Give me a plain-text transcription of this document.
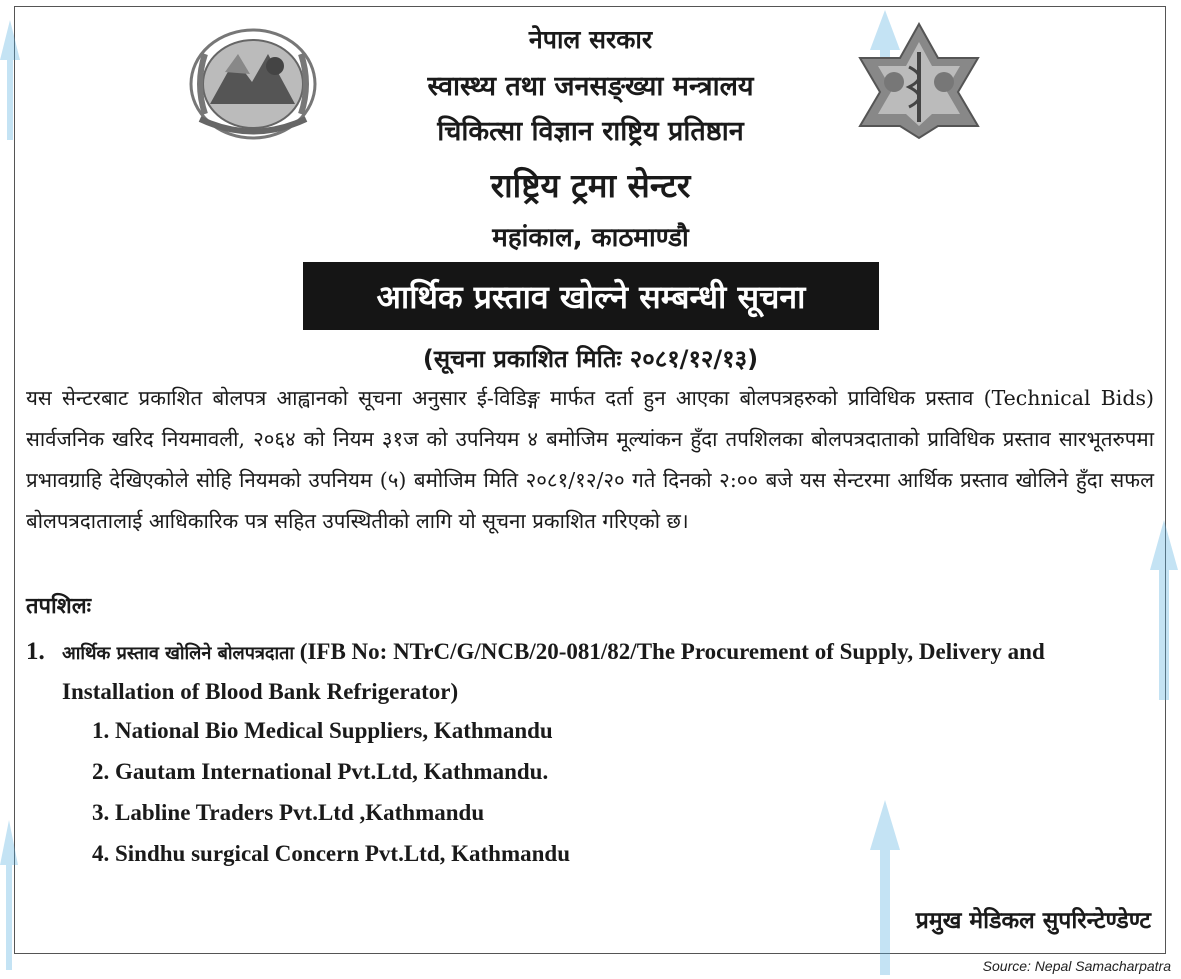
नेपाल सरकार
स्वास्थ्य तथा जनसङ्ख्या मन्त्रालय
चिकित्सा विज्ञान राष्ट्रिय प्रतिष्ठान
राष्ट्रिय ट्रमा सेन्टर
महांकाल, काठमाण्डौ
आर्थिक प्रस्ताव खोल्ने सम्बन्धी सूचना
(सूचना प्रकाशित मितिः २०८१/१२/१३)
यस सेन्टरबाट प्रकाशित बोलपत्र आह्वानको सूचना अनुसार ई-विडिङ्ग मार्फत दर्ता हुन आएका बोलपत्रहरुको प्राविधिक प्रस्ताव (Technical Bids) सार्वजनिक खरिद नियमावली, २०६४ को नियम ३१ज को उपनियम ४ बमोजिम मूल्यांकन हुँदा तपशिलका बोलपत्रदाताको प्राविधिक प्रस्ताव सारभूतरुपमा प्रभावग्राहि देखिएकोले सोहि नियमको उपनियम (५) बमोजिम मिति २०८१/१२/२० गते दिनको २:०० बजे यस सेन्टरमा आर्थिक प्रस्ताव खोलिने हुँदा सफल बोलपत्रदातालाई आधिकारिक पत्र सहित उपस्थितीको लागि यो सूचना प्रकाशित गरिएको छ।
तपशिलः
1. आर्थिक प्रस्ताव खोलिने बोलपत्रदाता (IFB No: NTrC/G/NCB/20-081/82/The Procurement of Supply, Delivery and Installation of Blood Bank Refrigerator)
1. National Bio Medical Suppliers, Kathmandu
2. Gautam International Pvt.Ltd, Kathmandu.
3. Labline Traders Pvt.Ltd ,Kathmandu
4. Sindhu surgical Concern Pvt.Ltd, Kathmandu
प्रमुख मेडिकल सुपरिन्टेण्डेण्ट
Source: Nepal Samacharpatra
